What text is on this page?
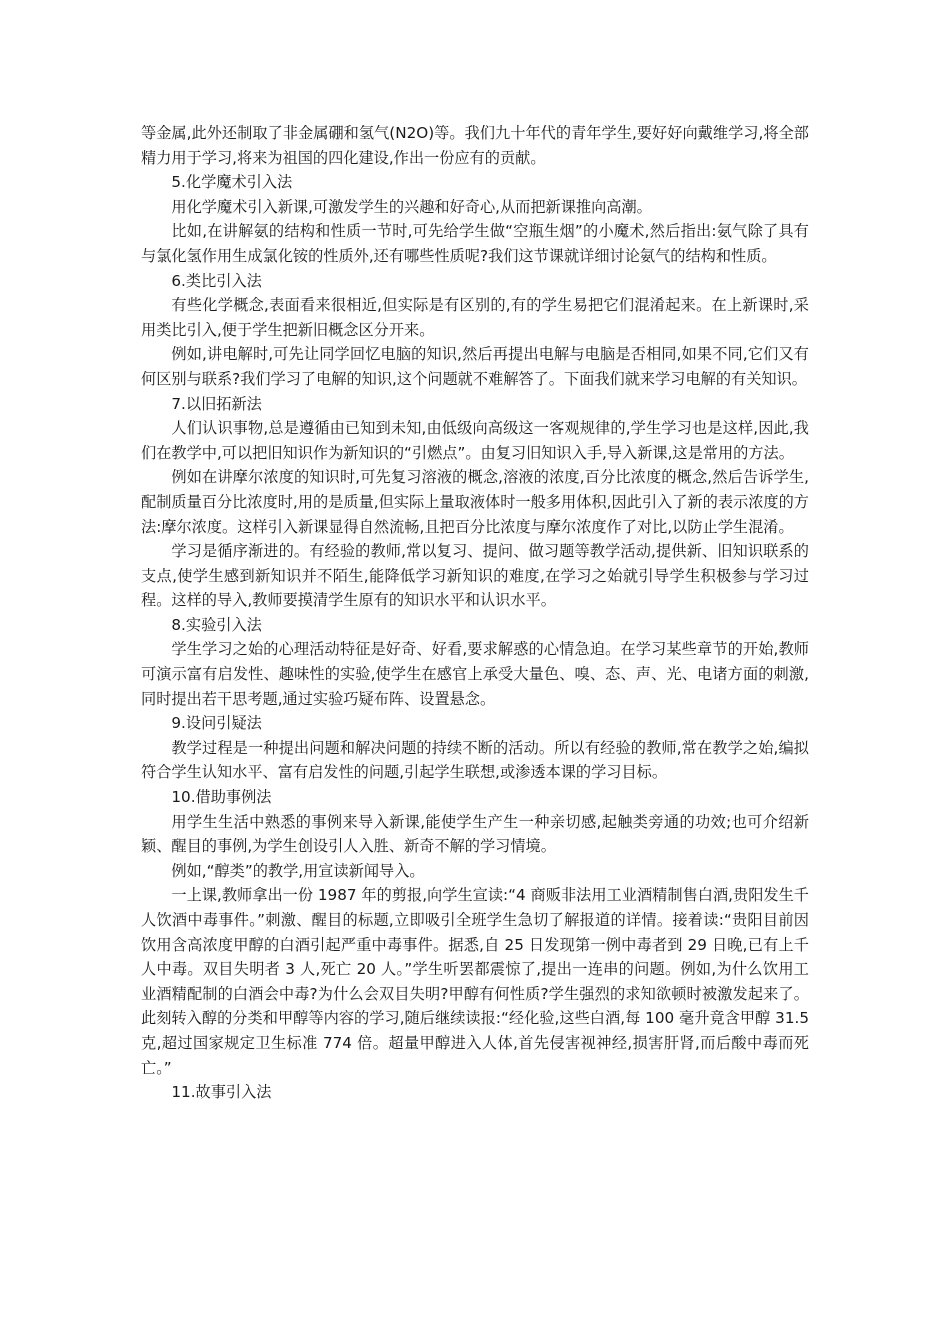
等金属,此外还制取了非金属硼和氢气(N2O)等。我们九十年代的青年学生,要好好向戴维学习,将全部精力用于学习,将来为祖国的四化建设,作出一份应有的贡献。

5.化学魔术引入法

用化学魔术引入新课,可激发学生的兴趣和好奇心,从而把新课推向高潮。

比如,在讲解氨的结构和性质一节时,可先给学生做“空瓶生烟”的小魔术,然后指出:氨气除了具有与氯化氢作用生成氯化铵的性质外,还有哪些性质呢?我们这节课就详细讨论氨气的结构和性质。

6.类比引入法

有些化学概念,表面看来很相近,但实际是有区别的,有的学生易把它们混淆起来。在上新课时,采用类比引入,便于学生把新旧概念区分开来。

例如,讲电解时,可先让同学回忆电脑的知识,然后再提出电解与电脑是否相同,如果不同,它们又有何区别与联系?我们学习了电解的知识,这个问题就不难解答了。下面我们就来学习电解的有关知识。

7.以旧拓新法

人们认识事物,总是遵循由已知到未知,由低级向高级这一客观规律的,学生学习也是这样,因此,我们在教学中,可以把旧知识作为新知识的“引燃点”。由复习旧知识入手,导入新课,这是常用的方法。

例如在讲摩尔浓度的知识时,可先复习溶液的概念,溶液的浓度,百分比浓度的概念,然后告诉学生,配制质量百分比浓度时,用的是质量,但实际上量取液体时一般多用体积,因此引入了新的表示浓度的方法:摩尔浓度。这样引入新课显得自然流畅,且把百分比浓度与摩尔浓度作了对比,以防止学生混淆。

学习是循序渐进的。有经验的教师,常以复习、提问、做习题等教学活动,提供新、旧知识联系的支点,使学生感到新知识并不陌生,能降低学习新知识的难度,在学习之始就引导学生积极参与学习过程。这样的导入,教师要摸清学生原有的知识水平和认识水平。

8.实验引入法

学生学习之始的心理活动特征是好奇、好看,要求解惑的心情急迫。在学习某些章节的开始,教师可演示富有启发性、趣味性的实验,使学生在感官上承受大量色、嗅、态、声、光、电诸方面的刺激,同时提出若干思考题,通过实验巧疑布阵、设置悬念。

9.设问引疑法

教学过程是一种提出问题和解决问题的持续不断的活动。所以有经验的教师,常在教学之始,编拟符合学生认知水平、富有启发性的问题,引起学生联想,或渗透本课的学习目标。

10.借助事例法

用学生生活中熟悉的事例来导入新课,能使学生产生一种亲切感,起触类旁通的功效;也可介绍新颖、醒目的事例,为学生创设引人入胜、新奇不解的学习情境。

例如,“醇类”的教学,用宣读新闻导入。

一上课,教师拿出一份 1987 年的剪报,向学生宣读:“4 商贩非法用工业酒精制售白酒,贵阳发生千人饮酒中毒事件。”刺激、醒目的标题,立即吸引全班学生急切了解报道的详情。接着读:“贵阳目前因饮用含高浓度甲醇的白酒引起严重中毒事件。据悉,自 25 日发现第一例中毒者到 29 日晚,已有上千人中毒。双目失明者 3 人,死亡 20 人。”学生听罢都震惊了,提出一连串的问题。例如,为什么饮用工业酒精配制的白酒会中毒?为什么会双目失明?甲醇有何性质?学生强烈的求知欲顿时被激发起来了。此刻转入醇的分类和甲醇等内容的学习,随后继续读报:“经化验,这些白酒,每 100 毫升竟含甲醇 31.5 克,超过国家规定卫生标准 774 倍。超量甲醇进入人体,首先侵害视神经,损害肝肾,而后酸中毒而死亡。”

11.故事引入法
